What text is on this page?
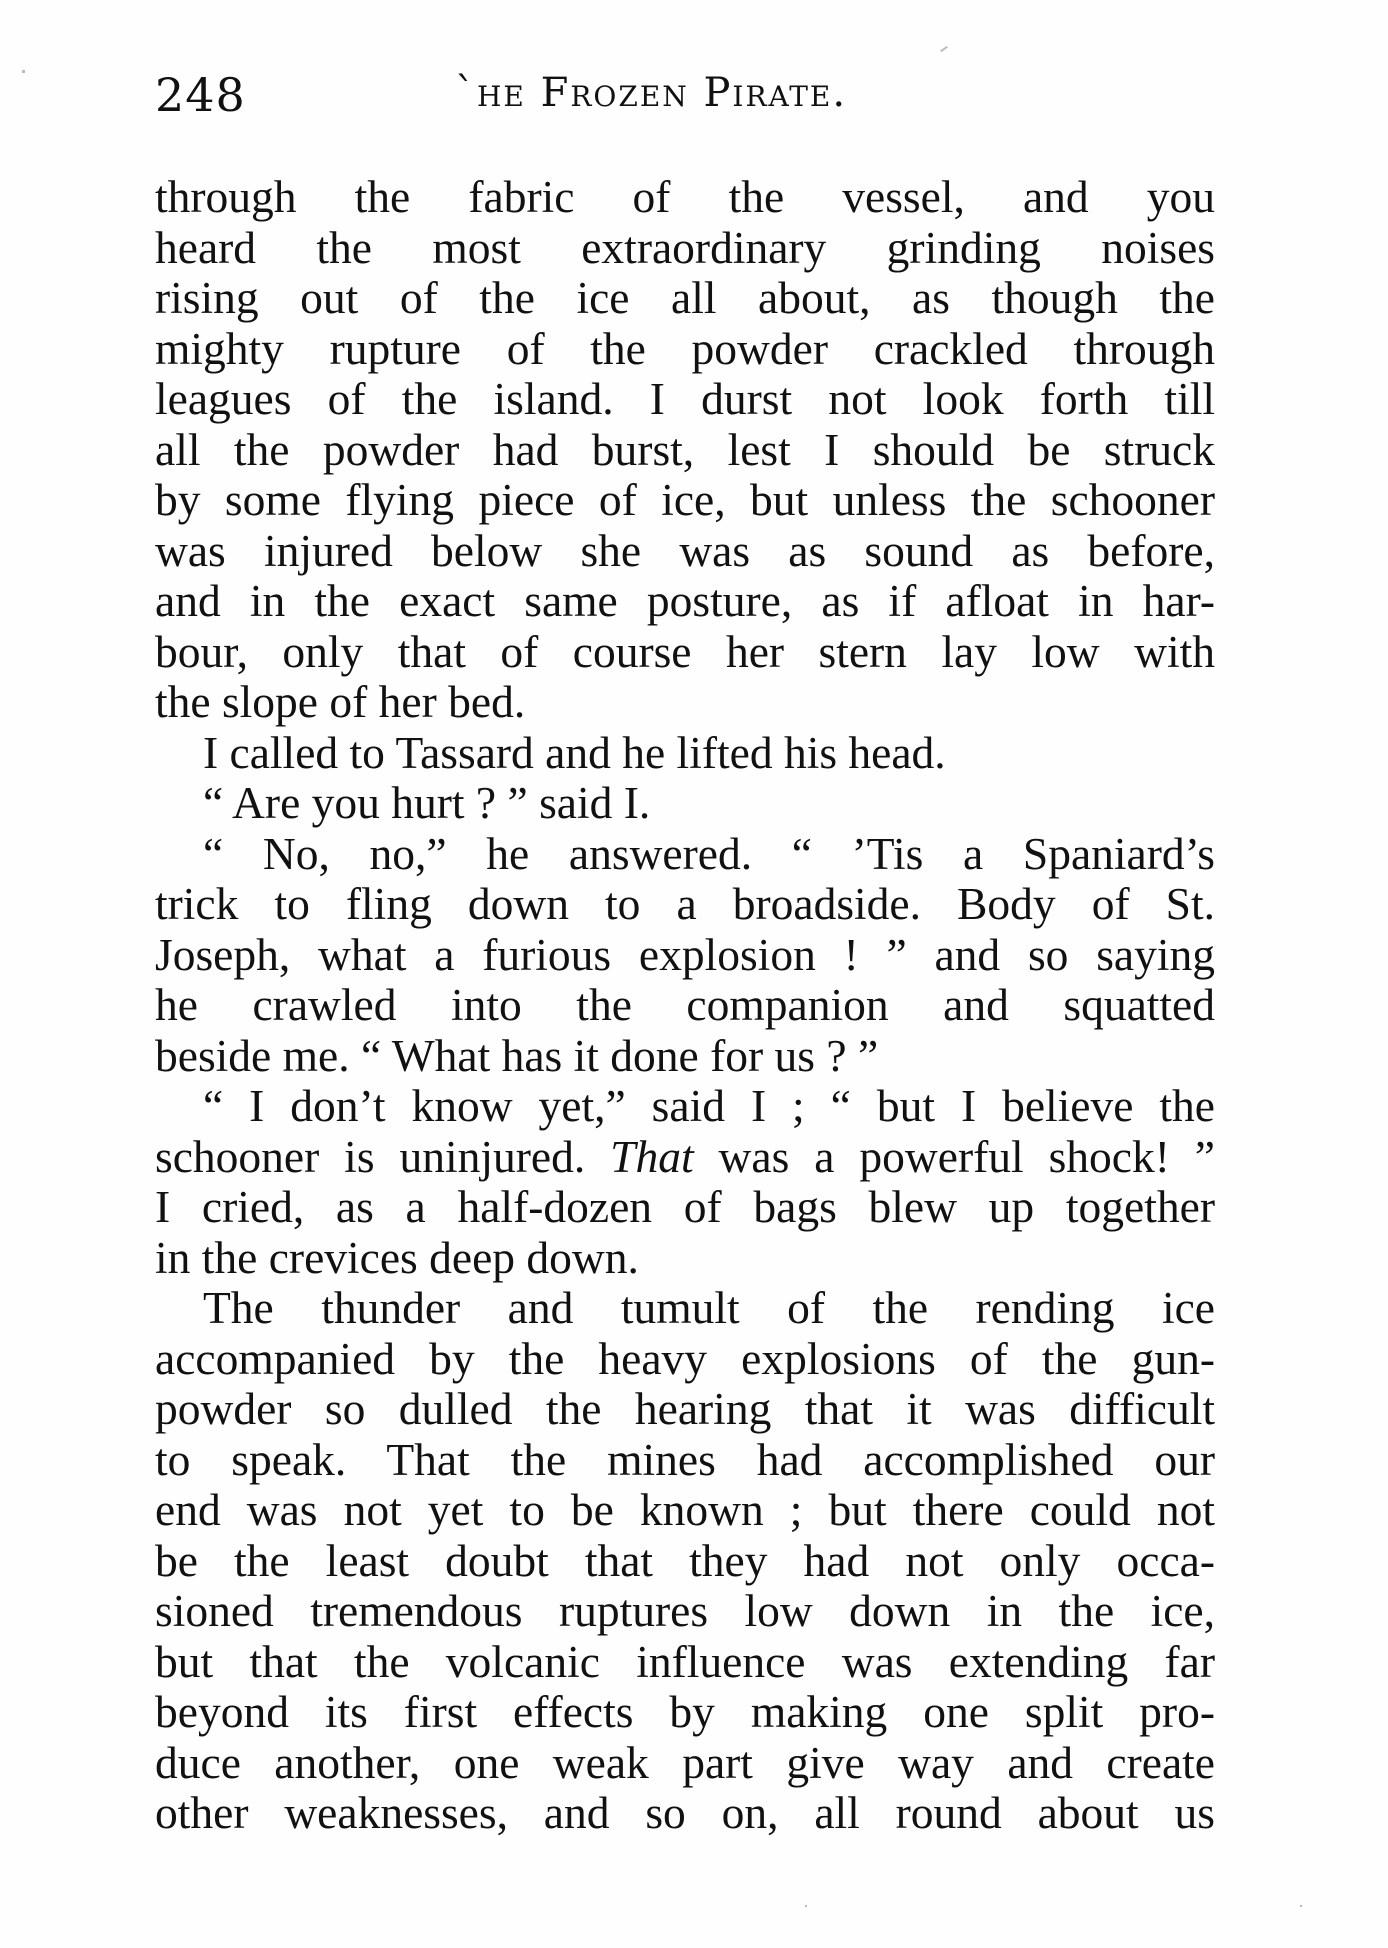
248	`he Frozen Pirate.
through the fabric of the vessel, and you
heard the most extraordinary grinding noises
rising out of the ice all about, as though the
mighty rupture of the powder crackled through
leagues of the island. I durst not look forth till
all the powder had burst, lest I should be struck
by some flying piece of ice, but unless the schooner
was injured below she was as sound as before,
and in the exact same posture, as if afloat in har-
bour, only that of course her stern lay low with
the slope of her bed.
I called to Tassard and he lifted his head.
“ Are you hurt ? ” said I.
“ No, no,” he answered. “ ’Tis a Spaniard’s
trick to fling down to a broadside. Body of St.
Joseph, what a furious explosion ! ” and so saying
he crawled into the companion and squatted
beside me. “ What has it done for us ? ”
“ I don’t know yet,” said I ; “ but I believe the
schooner is uninjured. That was a powerful shock! ”
I cried, as a half-dozen of bags blew up together
in the crevices deep down.
The thunder and tumult of the rending ice
accompanied by the heavy explosions of the gun-
powder so dulled the hearing that it was difficult
to speak. That the mines had accomplished our
end was not yet to be known ; but there could not
be the least doubt that they had not only occa-
sioned tremendous ruptures low down in the ice,
but that the volcanic influence was extending far
beyond its first effects by making one split pro-
duce another, one weak part give way and create
other weaknesses, and so on, all round about us
